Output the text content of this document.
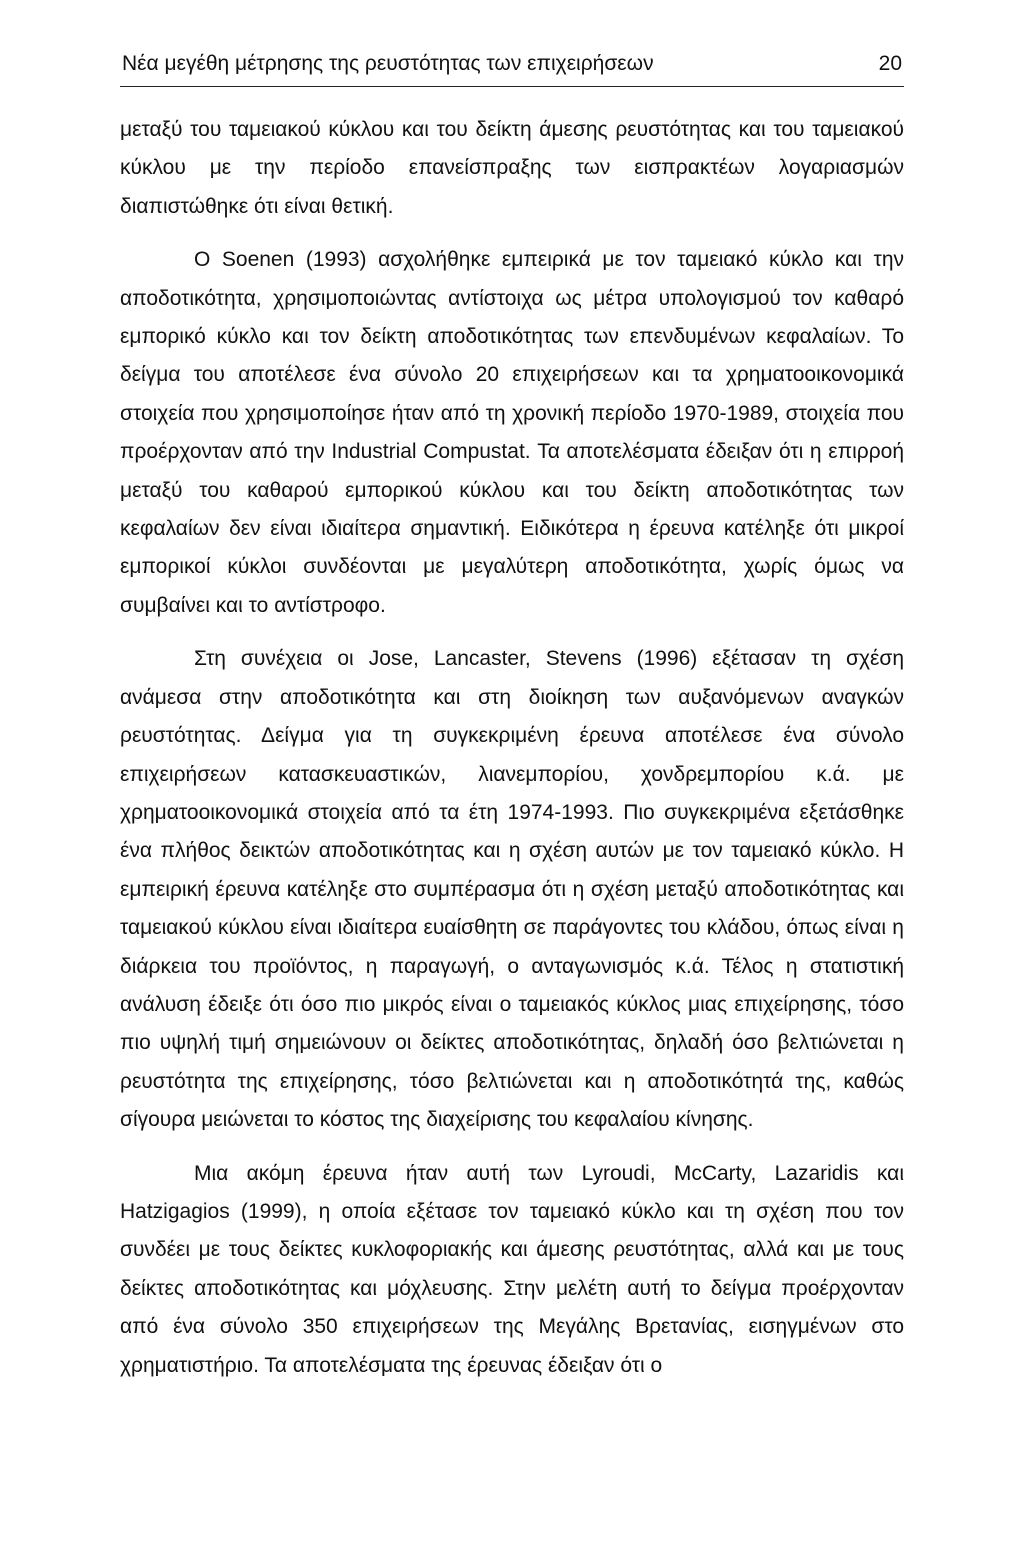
Νέα μεγέθη μέτρησης της ρευστότητας των επιχειρήσεων	20

μεταξύ του ταμειακού κύκλου και του δείκτη άμεσης ρευστότητας και του ταμειακού κύκλου με την περίοδο επανείσπραξης των εισπρακτέων λογαριασμών διαπιστώθηκε ότι είναι θετική.

Ο Soenen (1993) ασχολήθηκε εμπειρικά με τον ταμειακό κύκλο και την αποδοτικότητα, χρησιμοποιώντας αντίστοιχα ως μέτρα υπολογισμού τον καθαρό εμπορικό κύκλο και τον δείκτη αποδοτικότητας των επενδυμένων κεφαλαίων. Το δείγμα του αποτέλεσε ένα σύνολο 20 επιχειρήσεων και τα χρηματοοικονομικά στοιχεία που χρησιμοποίησε ήταν από τη χρονική περίοδο 1970-1989, στοιχεία που προέρχονταν από την Industrial Compustat. Τα αποτελέσματα έδειξαν ότι η επιρροή μεταξύ του καθαρού εμπορικού κύκλου και του δείκτη αποδοτικότητας των κεφαλαίων δεν είναι ιδιαίτερα σημαντική. Ειδικότερα η έρευνα κατέληξε ότι μικροί εμπορικοί κύκλοι συνδέονται με μεγαλύτερη αποδοτικότητα, χωρίς όμως να συμβαίνει και το αντίστροφο.

Στη συνέχεια οι Jose, Lancaster, Stevens (1996) εξέτασαν τη σχέση ανάμεσα στην αποδοτικότητα και στη διοίκηση των αυξανόμενων αναγκών ρευστότητας. Δείγμα για τη συγκεκριμένη έρευνα αποτέλεσε ένα σύνολο επιχειρήσεων κατασκευαστικών, λιανεμπορίου, χονδρεμπορίου κ.ά. με χρηματοοικονομικά στοιχεία από τα έτη 1974-1993. Πιο συγκεκριμένα εξετάσθηκε ένα πλήθος δεικτών αποδοτικότητας και η σχέση αυτών με τον ταμειακό κύκλο. Η εμπειρική έρευνα κατέληξε στο συμπέρασμα ότι η σχέση μεταξύ αποδοτικότητας και ταμειακού κύκλου είναι ιδιαίτερα ευαίσθητη σε παράγοντες του κλάδου, όπως είναι η διάρκεια του προϊόντος, η παραγωγή, ο ανταγωνισμός κ.ά. Τέλος η στατιστική ανάλυση έδειξε ότι όσο πιο μικρός είναι ο ταμειακός κύκλος μιας επιχείρησης, τόσο πιο υψηλή τιμή σημειώνουν οι δείκτες αποδοτικότητας, δηλαδή όσο βελτιώνεται η ρευστότητα της επιχείρησης, τόσο βελτιώνεται και η αποδοτικότητά της, καθώς σίγουρα μειώνεται το κόστος της διαχείρισης του κεφαλαίου κίνησης.

Μια ακόμη έρευνα ήταν αυτή των Lyroudi, McCarty, Lazaridis και Hatzigagios (1999), η οποία εξέτασε τον ταμειακό κύκλο και τη σχέση που τον συνδέει με τους δείκτες κυκλοφοριακής και άμεσης ρευστότητας, αλλά και με τους δείκτες αποδοτικότητας και μόχλευσης. Στην μελέτη αυτή το δείγμα προέρχονταν από ένα σύνολο 350 επιχειρήσεων της Μεγάλης Βρετανίας, εισηγμένων στο χρηματιστήριο. Τα αποτελέσματα της έρευνας έδειξαν ότι ο
